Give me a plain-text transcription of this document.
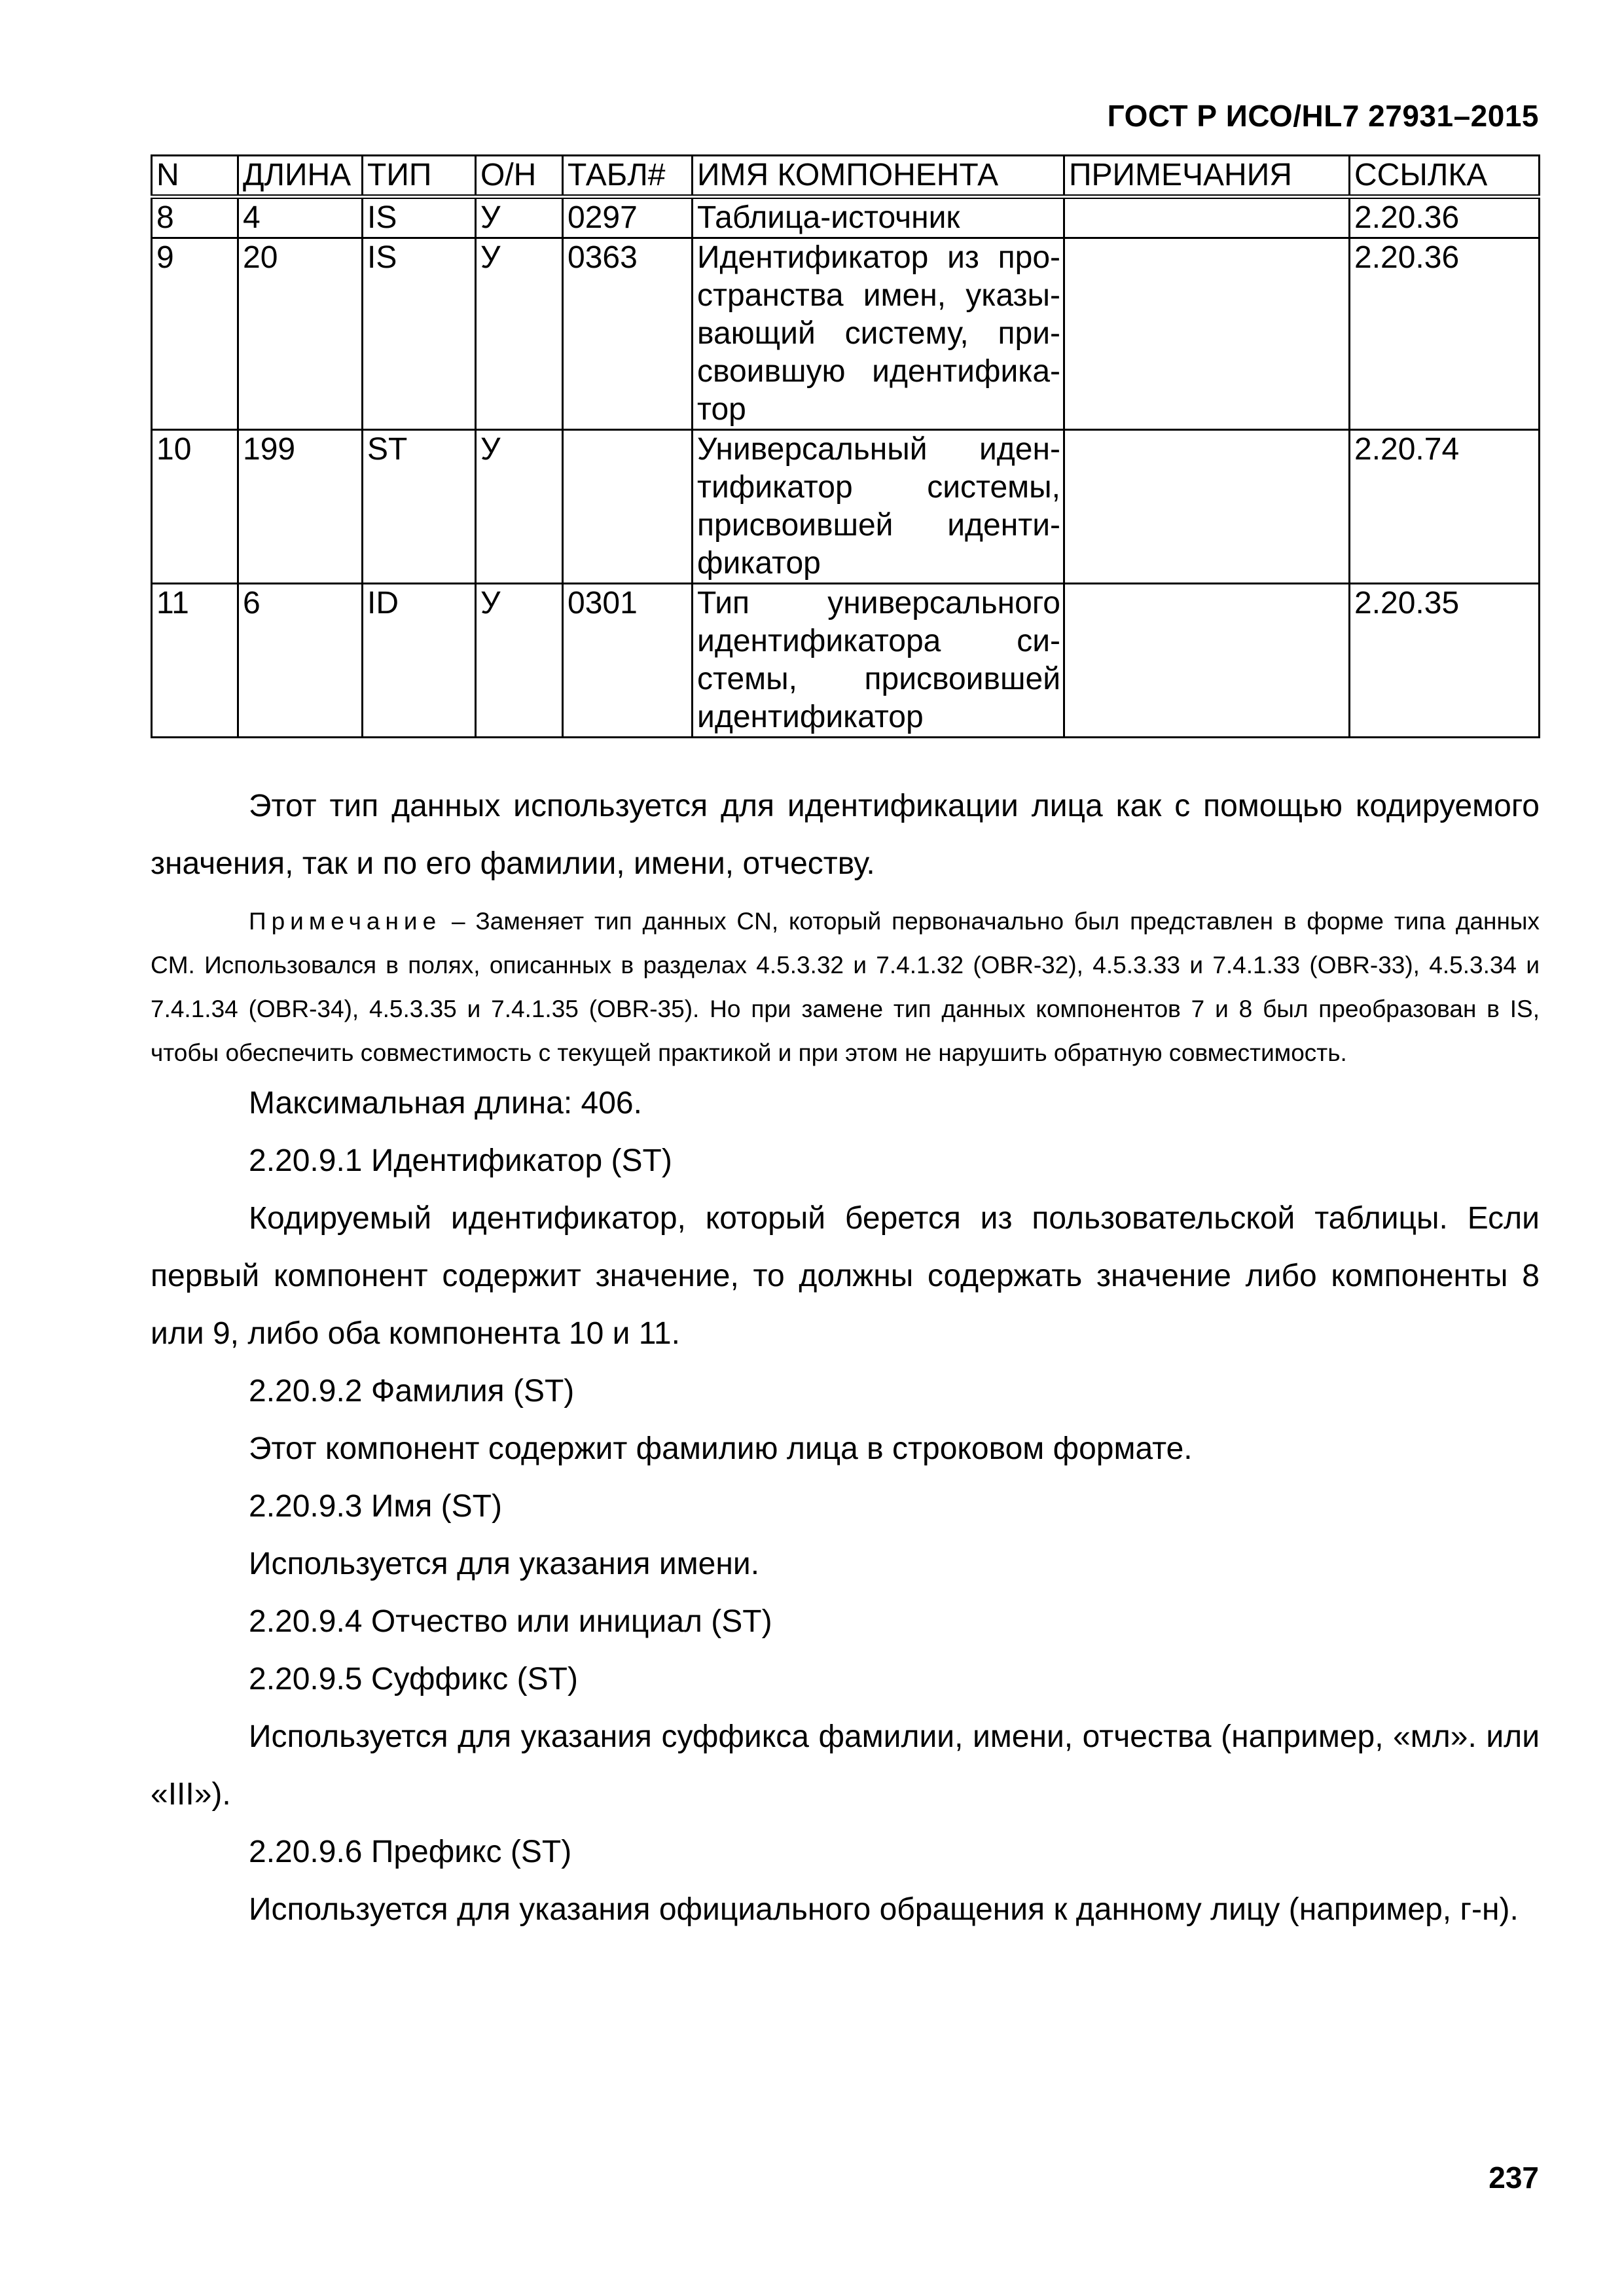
ГОСТ Р ИСО/HL7 27931–2015
N	ДЛИНА	ТИП	О/Н	ТАБЛ#	ИМЯ КОМПОНЕНТА	ПРИМЕЧАНИЯ	ССЫЛКА
8	4	IS	У	0297	Таблица-источник		2.20.36
9	20	IS	У	0363	Идентификатор из пространства имен, указывающий систему, присвоившую идентификатор		2.20.36
10	199	ST	У		Универсальный идентификатор системы, присвоившей идентификатор		2.20.74
11	6	ID	У	0301	Тип универсального идентификатора системы, присвоившей идентификатор		2.20.35

Этот тип данных используется для идентификации лица как с помощью кодируемого значения, так и по его фамилии, имени, отчеству.

Примечание – Заменяет тип данных CN, который первоначально был представлен в форме типа данных CM. Использовался в полях, описанных в разделах 4.5.3.32 и 7.4.1.32 (OBR-32), 4.5.3.33 и 7.4.1.33 (OBR-33), 4.5.3.34 и 7.4.1.34 (OBR-34), 4.5.3.35 и 7.4.1.35 (OBR-35). Но при замене тип данных компонентов 7 и 8 был преобразован в IS, чтобы обеспечить совместимость с текущей практикой и при этом не нарушить обратную совместимость.

Максимальная длина: 406.

2.20.9.1 Идентификатор (ST)

Кодируемый идентификатор, который берется из пользовательской таблицы. Если первый компонент содержит значение, то должны содержать значение либо компоненты 8 или 9, либо оба компонента 10 и 11.

2.20.9.2 Фамилия (ST)

Этот компонент содержит фамилию лица в строковом формате.

2.20.9.3 Имя (ST)

Используется для указания имени.

2.20.9.4 Отчество или инициал (ST)

2.20.9.5 Суффикс (ST)

Используется для указания суффикса фамилии, имени, отчества (например, «мл». или «III»).

2.20.9.6 Префикс (ST)

Используется для указания официального обращения к данному лицу (например, г-н).

237
